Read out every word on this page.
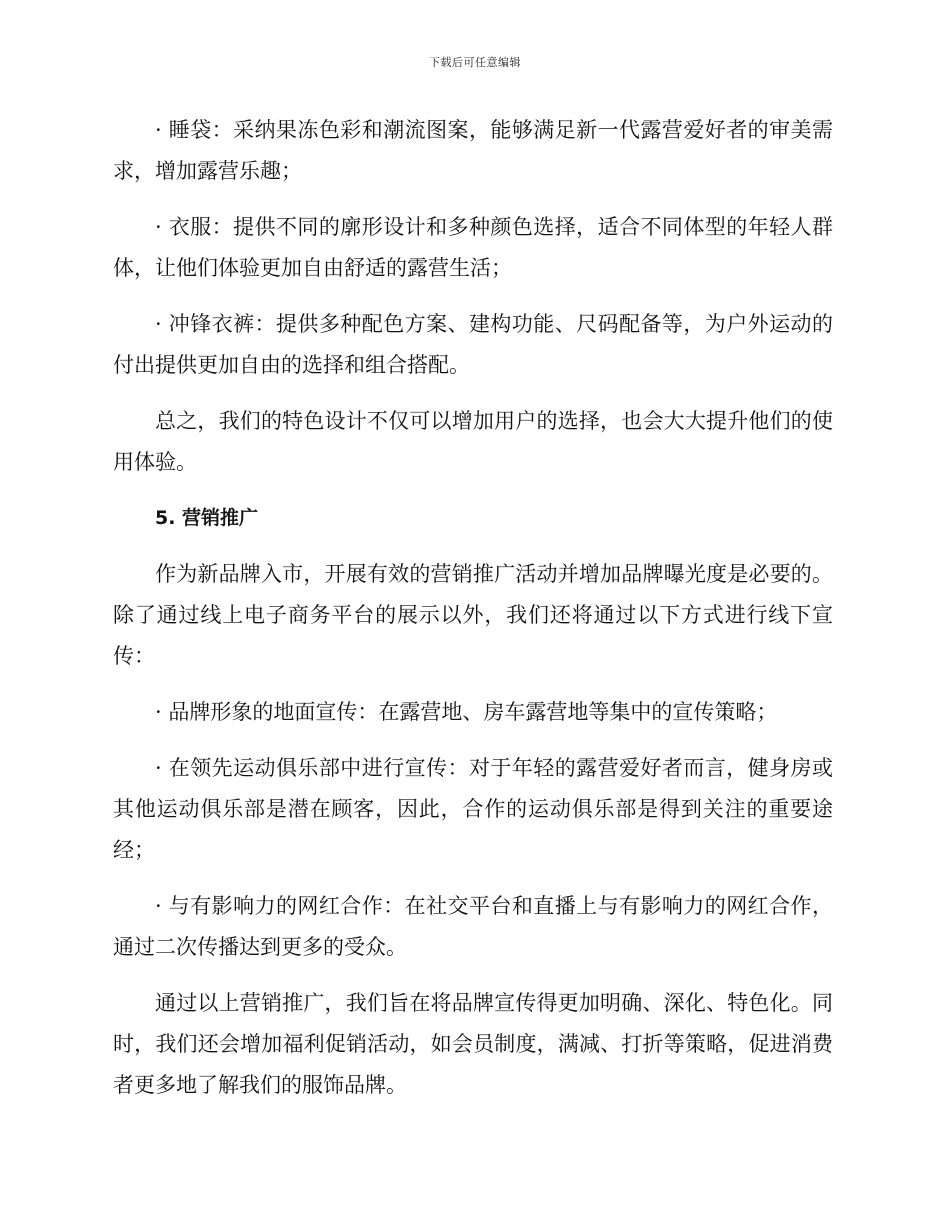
下载后可任意编辑

· 睡袋：采纳果冻色彩和潮流图案，能够满足新一代露营爱好者的审美需求，增加露营乐趣；

· 衣服：提供不同的廓形设计和多种颜色选择，适合不同体型的年轻人群体，让他们体验更加自由舒适的露营生活；

· 冲锋衣裤：提供多种配色方案、建构功能、尺码配备等，为户外运动的付出提供更加自由的选择和组合搭配。

总之，我们的特色设计不仅可以增加用户的选择，也会大大提升他们的使用体验。

5. 营销推广

作为新品牌入市，开展有效的营销推广活动并增加品牌曝光度是必要的。除了通过线上电子商务平台的展示以外，我们还将通过以下方式进行线下宣传：

· 品牌形象的地面宣传：在露营地、房车露营地等集中的宣传策略；

· 在领先运动俱乐部中进行宣传：对于年轻的露营爱好者而言，健身房或其他运动俱乐部是潜在顾客，因此，合作的运动俱乐部是得到关注的重要途经；

· 与有影响力的网红合作：在社交平台和直播上与有影响力的网红合作，通过二次传播达到更多的受众。

通过以上营销推广，我们旨在将品牌宣传得更加明确、深化、特色化。同时，我们还会增加福利促销活动，如会员制度，满减、打折等策略，促进消费者更多地了解我们的服饰品牌。
